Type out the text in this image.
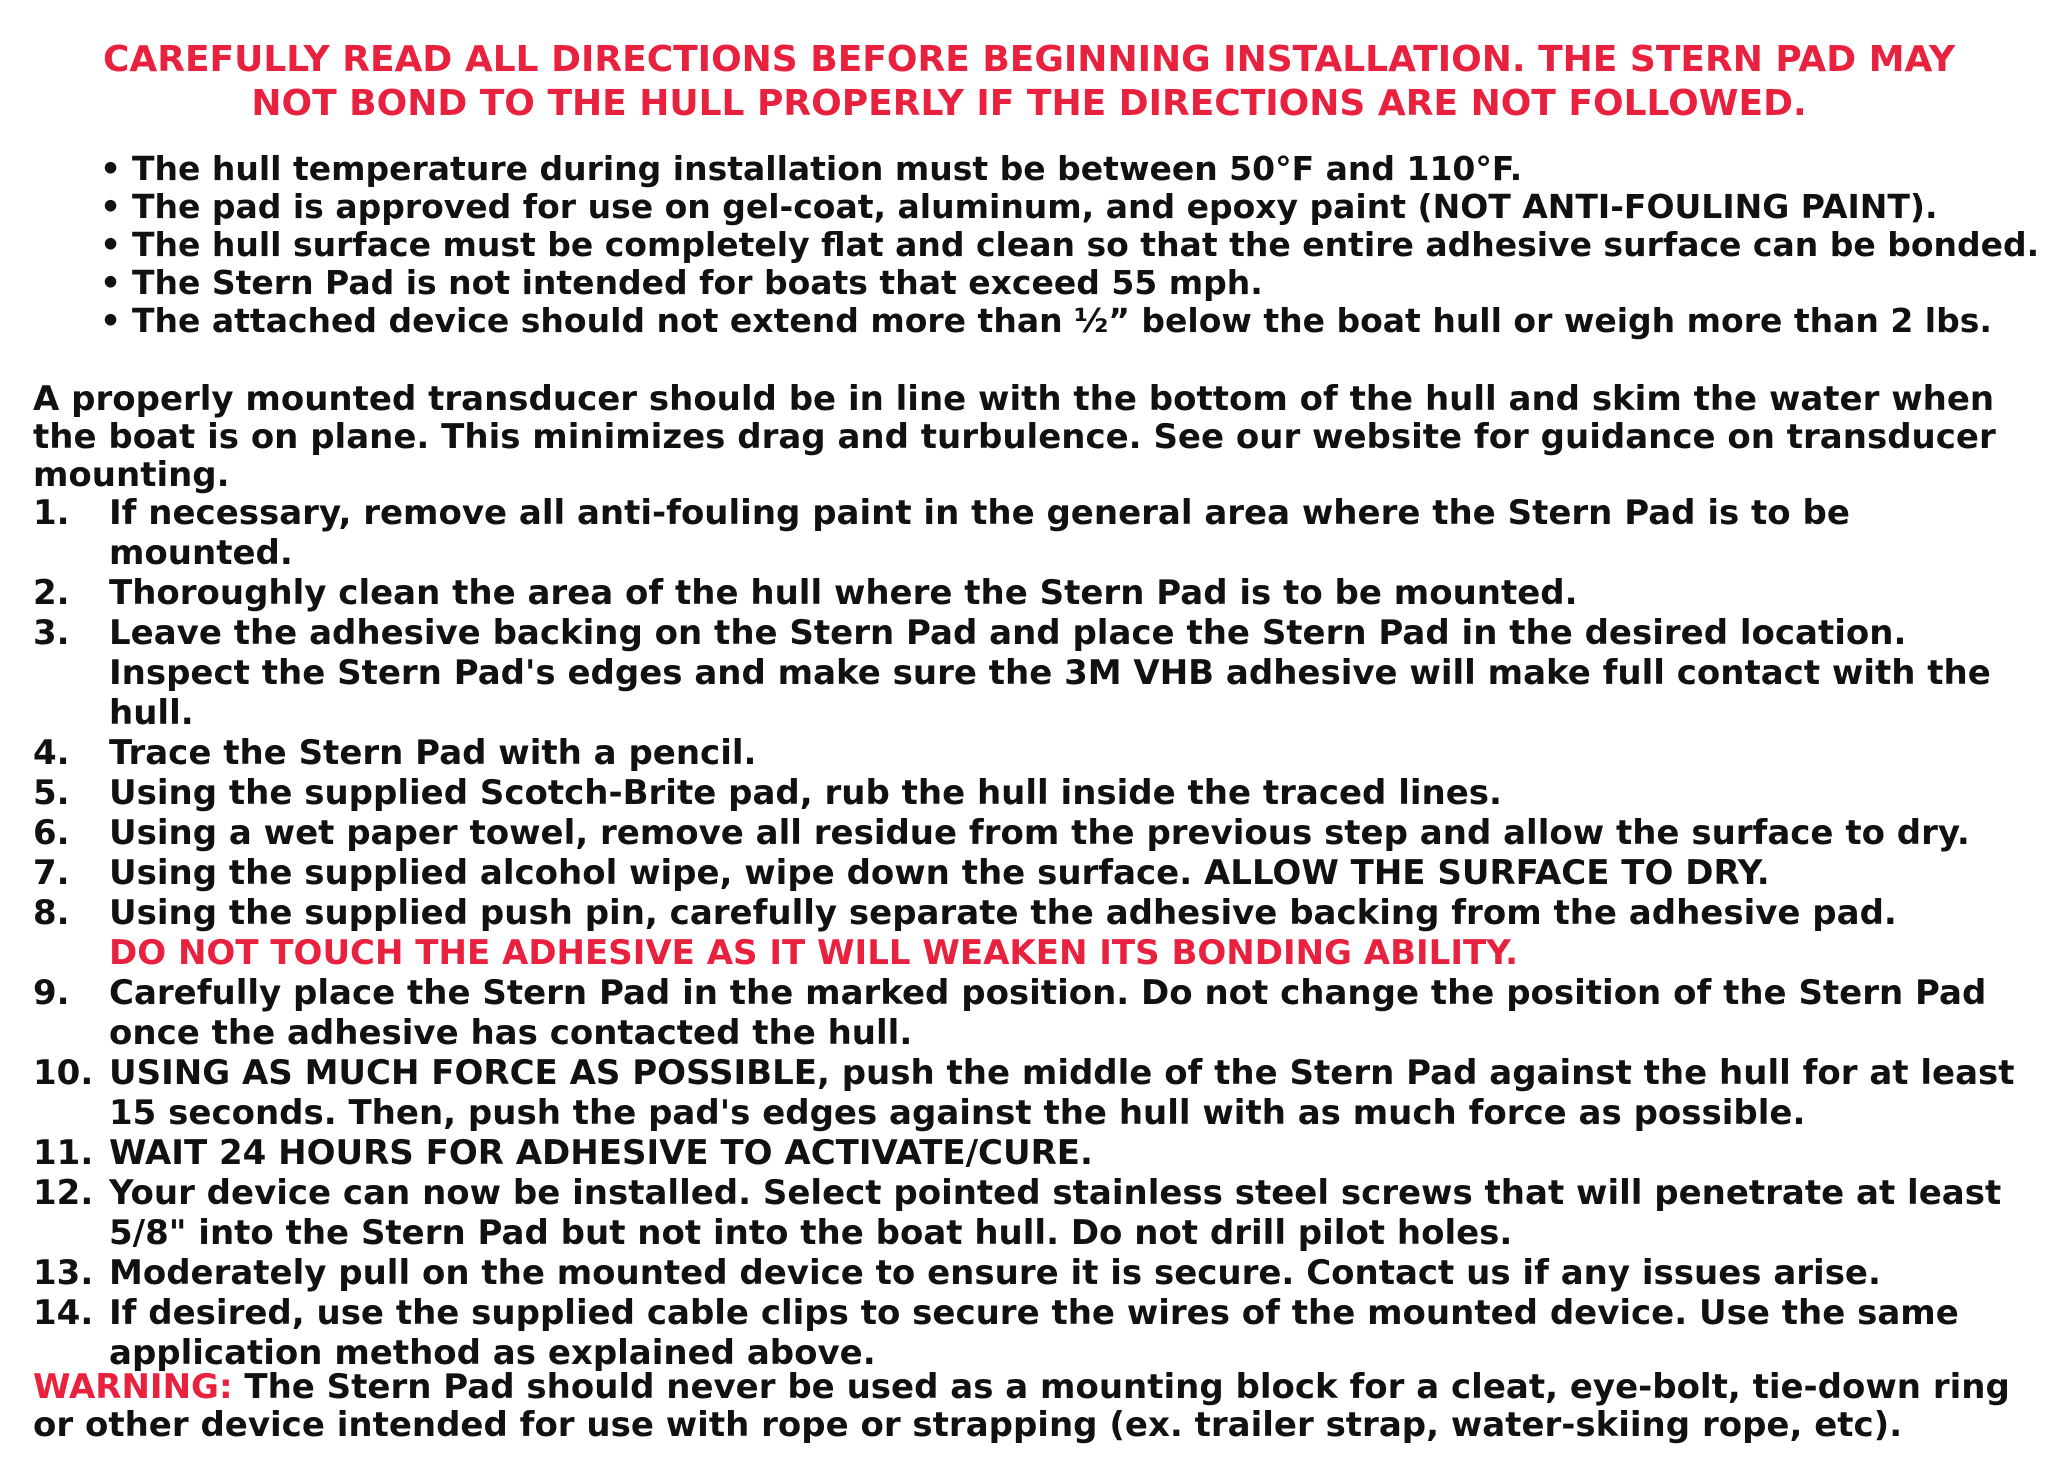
CAREFULLY READ ALL DIRECTIONS BEFORE BEGINNING INSTALLATION. THE STERN PAD MAY
NOT BOND TO THE HULL PROPERLY IF THE DIRECTIONS ARE NOT FOLLOWED.
• The hull temperature during installation must be between 50°F and 110°F.
• The pad is approved for use on gel-coat, aluminum, and epoxy paint (NOT ANTI-FOULING PAINT).
• The hull surface must be completely flat and clean so that the entire adhesive surface can be bonded.
• The Stern Pad is not intended for boats that exceed 55 mph.
• The attached device should not extend more than ½” below the boat hull or weigh more than 2 lbs.
A properly mounted transducer should be in line with the bottom of the hull and skim the water when the boat is on plane. This minimizes drag and turbulence. See our website for guidance on transducer mounting.
1.	If necessary, remove all anti-fouling paint in the general area where the Stern Pad is to be mounted.
2.	Thoroughly clean the area of the hull where the Stern Pad is to be mounted.
3.	Leave the adhesive backing on the Stern Pad and place the Stern Pad in the desired location. Inspect the Stern Pad's edges and make sure the 3M VHB adhesive will make full contact with the hull.
4.	Trace the Stern Pad with a pencil.
5.	Using the supplied Scotch-Brite pad, rub the hull inside the traced lines.
6.	Using a wet paper towel, remove all residue from the previous step and allow the surface to dry.
7.	Using the supplied alcohol wipe, wipe down the surface. ALLOW THE SURFACE TO DRY.
8.	Using the supplied push pin, carefully separate the adhesive backing from the adhesive pad.
DO NOT TOUCH THE ADHESIVE AS IT WILL WEAKEN ITS BONDING ABILITY.
9.	Carefully place the Stern Pad in the marked position. Do not change the position of the Stern Pad once the adhesive has contacted the hull.
10. USING AS MUCH FORCE AS POSSIBLE, push the middle of the Stern Pad against the hull for at least 15 seconds. Then, push the pad's edges against the hull with as much force as possible.
11. WAIT 24 HOURS FOR ADHESIVE TO ACTIVATE/CURE.
12. Your device can now be installed. Select pointed stainless steel screws that will penetrate at least 5/8" into the Stern Pad but not into the boat hull. Do not drill pilot holes.
13. Moderately pull on the mounted device to ensure it is secure. Contact us if any issues arise.
14. If desired, use the supplied cable clips to secure the wires of the mounted device. Use the same application method as explained above.
WARNING: The Stern Pad should never be used as a mounting block for a cleat, eye-bolt, tie-down ring or other device intended for use with rope or strapping (ex. trailer strap, water-skiing rope, etc).
